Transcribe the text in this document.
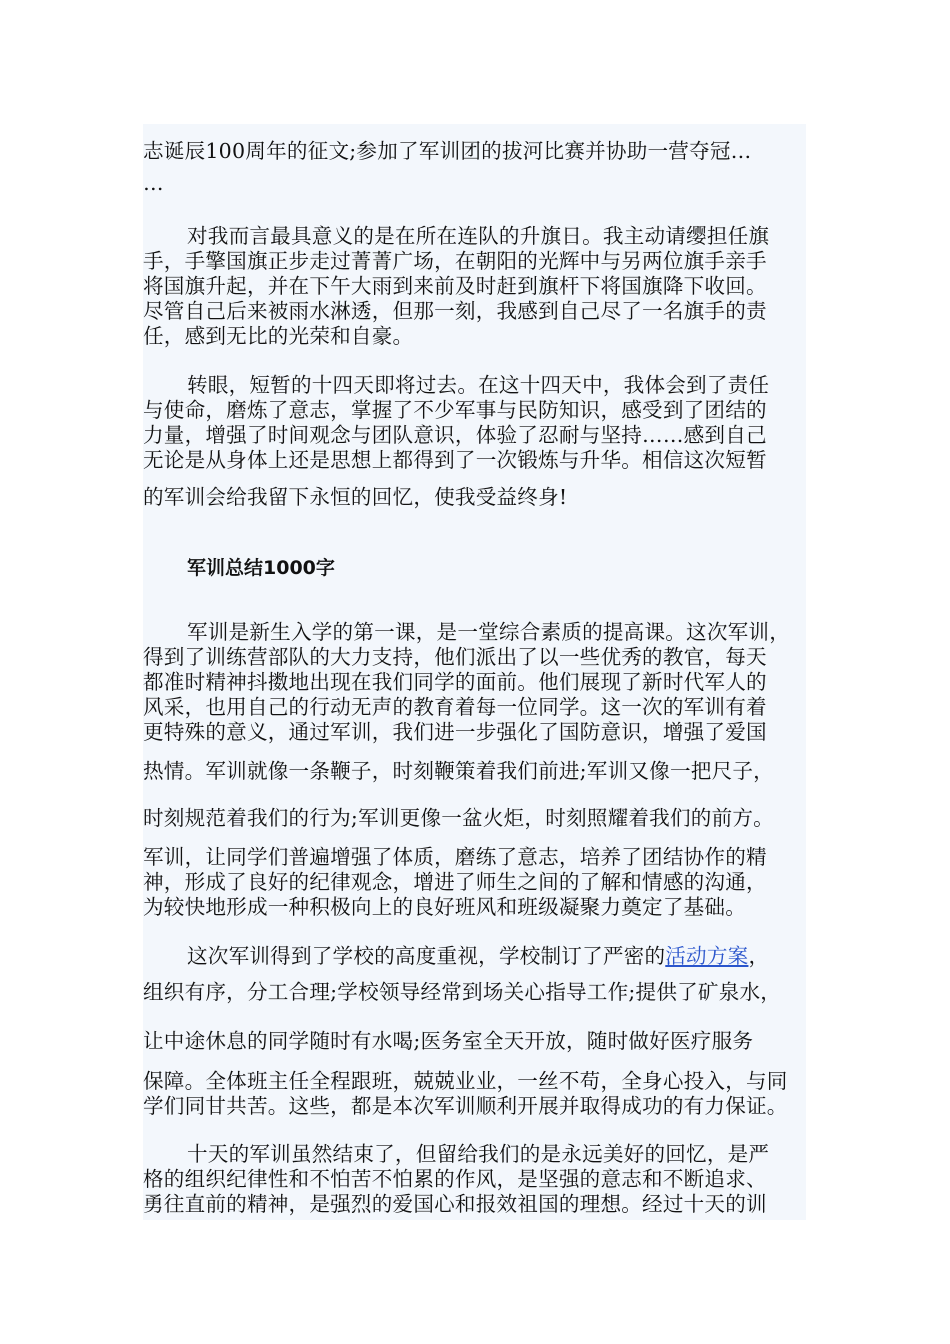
志诞辰100周年的征文;参加了军训团的拔河比赛并协助一营夺冠…
…
对我而言最具意义的是在所在连队的升旗日。我主动请缨担任旗
手，手擎国旗正步走过菁菁广场，在朝阳的光辉中与另两位旗手亲手
将国旗升起，并在下午大雨到来前及时赶到旗杆下将国旗降下收回。
尽管自己后来被雨水淋透，但那一刻，我感到自己尽了一名旗手的责
任，感到无比的光荣和自豪。
转眼，短暂的十四天即将过去。在这十四天中，我体会到了责任
与使命，磨炼了意志，掌握了不少军事与民防知识，感受到了团结的
力量，增强了时间观念与团队意识，体验了忍耐与坚持……感到自己
无论是从身体上还是思想上都得到了一次锻炼与升华。相信这次短暂
的军训会给我留下永恒的回忆，使我受益终身!
军训总结1000字
军训是新生入学的第一课，是一堂综合素质的提高课。这次军训，
得到了训练营部队的大力支持，他们派出了以一些优秀的教官，每天
都准时精神抖擞地出现在我们同学的面前。他们展现了新时代军人的
风采，也用自己的行动无声的教育着每一位同学。这一次的军训有着
更特殊的意义，通过军训，我们进一步强化了国防意识，增强了爱国
热情。军训就像一条鞭子，时刻鞭策着我们前进;军训又像一把尺子，
时刻规范着我们的行为;军训更像一盆火炬，时刻照耀着我们的前方。
军训，让同学们普遍增强了体质，磨练了意志，培养了团结协作的精
神，形成了良好的纪律观念，增进了师生之间的了解和情感的沟通，
为较快地形成一种积极向上的良好班风和班级凝聚力奠定了基础。
这次军训得到了学校的高度重视，学校制订了严密的活动方案，
组织有序，分工合理;学校领导经常到场关心指导工作;提供了矿泉水，
让中途休息的同学随时有水喝;医务室全天开放，随时做好医疗服务
保障。全体班主任全程跟班，兢兢业业，一丝不苟，全身心投入，与同
学们同甘共苦。这些，都是本次军训顺利开展并取得成功的有力保证。
十天的军训虽然结束了，但留给我们的是永远美好的回忆，是严
格的组织纪律性和不怕苦不怕累的作风，是坚强的意志和不断追求、
勇往直前的精神，是强烈的爱国心和报效祖国的理想。经过十天的训
